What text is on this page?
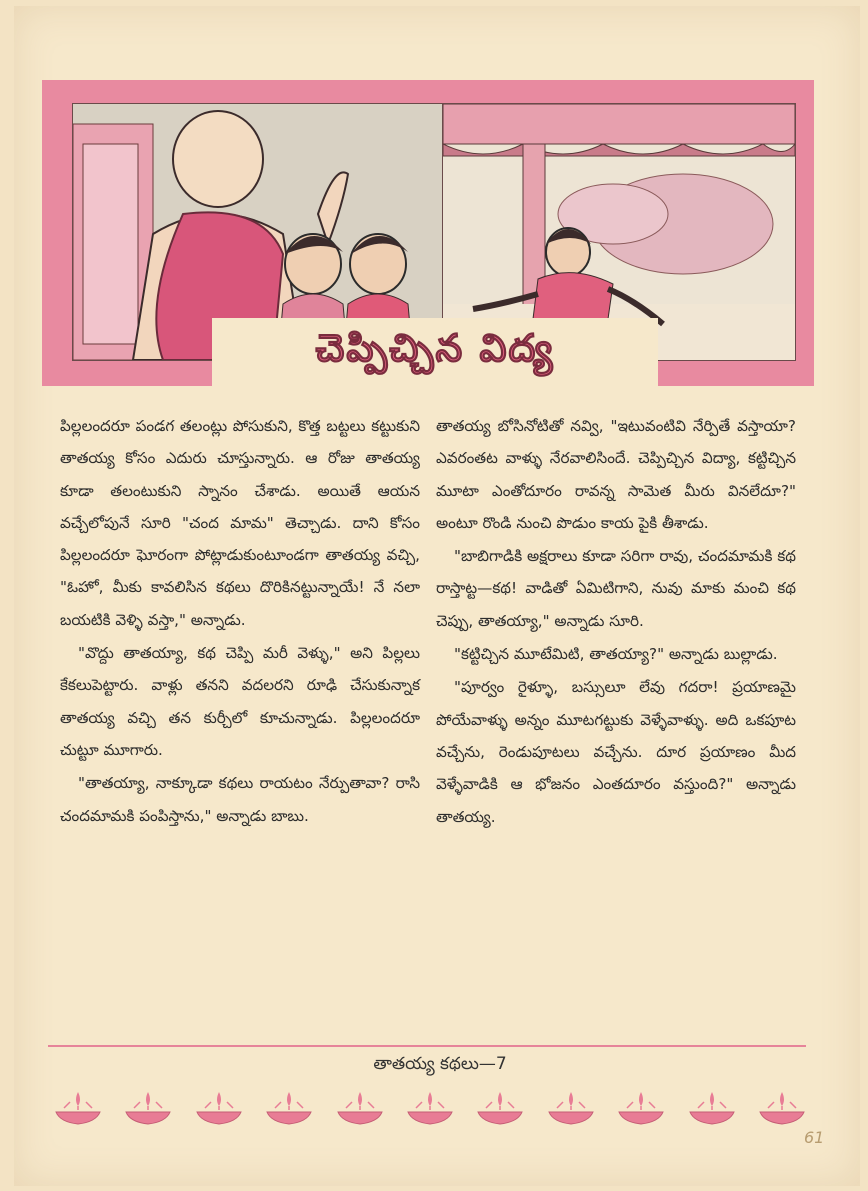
చెప్పిచ్చిన విద్య

పిల్లలందరూ పండగ తలంట్లు పోసుకుని, కొత్త బట్టలు కట్టుకుని తాతయ్య కోసం ఎదురు చూస్తున్నారు. ఆ రోజు తాతయ్య కూడా తలంటుకుని స్నానం చేశాడు. అయితే ఆయన వచ్చేలోపునే సూరి "చంద మామ" తెచ్చాడు. దాని కోసం పిల్లలందరూ ఘోరంగా పోట్లాడుకుంటూండగా తాతయ్య వచ్చి, "ఓహో, మీకు కావలిసిన కథలు దొరికినట్టున్నాయే! నే నలా బయటికి వెళ్ళి వస్తా," అన్నాడు.

"వొద్దు తాతయ్యా, కథ చెప్పి మరీ వెళ్ళు," అని పిల్లలు కేకలుపెట్టారు. వాళ్లు తనని వదలరని రూఢి చేసుకున్నాక తాతయ్య వచ్చి తన కుర్చీలో కూచున్నాడు. పిల్లలందరూ చుట్టూ మూగారు.

"తాతయ్యా, నాక్కూడా కథలు రాయటం నేర్పుతావా? రాసి చందమామకి పంపిస్తాను," అన్నాడు బాబు.

తాతయ్య బోసినోటితో నవ్వి, "ఇటువంటివి నేర్పితే వస్తాయా? ఎవరంతట వాళ్ళు నేరవాలిసిందే. చెప్పిచ్చిన విద్యా, కట్టిచ్చిన మూటా ఎంతోదూరం రావన్న సామెత మీరు వినలేదూ?" అంటూ రొండి నుంచి పొడుం కాయ పైకి తీశాడు.

"బాబిగాడికి అక్షరాలు కూడా సరిగా రావు, చందమామకి కథ రాస్తాట్ట—కథ! వాడితో ఏమిటిగాని, నువు మాకు మంచి కథ చెప్పు, తాతయ్యా," అన్నాడు సూరి.

"కట్టిచ్చిన మూటేమిటి, తాతయ్యా?" అన్నాడు బుల్లాడు.

"పూర్వం రైళ్ళూ, బస్సులూ లేవు గదరా! ప్రయాణమై పోయేవాళ్ళు అన్నం మూటగట్టుకు వెళ్ళేవాళ్ళు. అది ఒకపూట వచ్చేను, రెండుపూటలు వచ్చేను. దూర ప్రయాణం మీద వెళ్ళేవాడికి ఆ భోజనం ఎంతదూరం వస్తుంది?" అన్నాడు తాతయ్య.

తాతయ్య కథలు—7
61
